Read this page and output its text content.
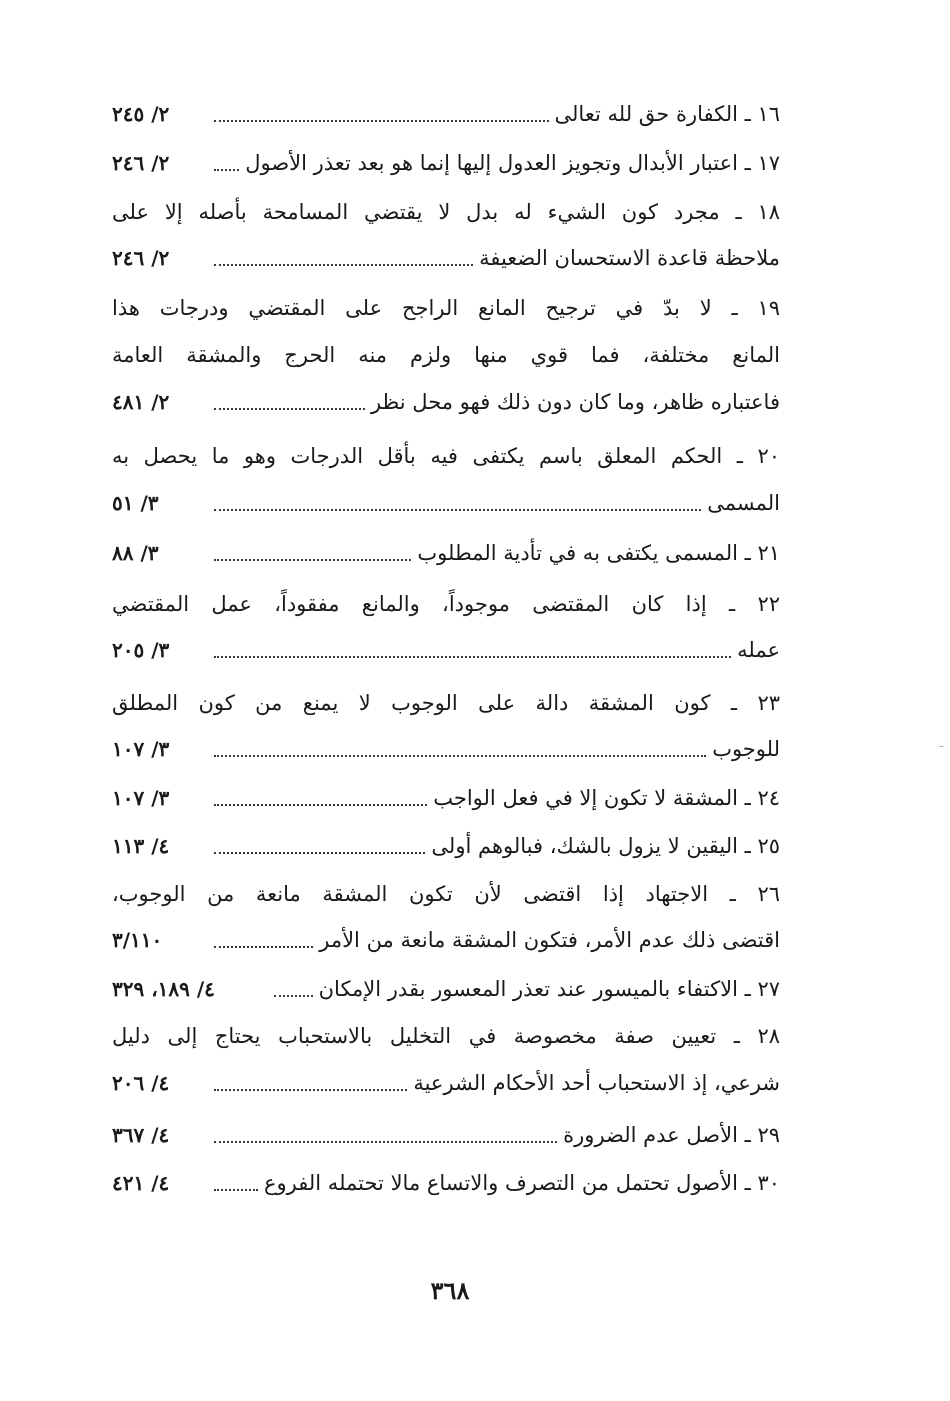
١٦ ـ الكفارة حق لله تعالى
٢/ ٢٤٥
١٧ ـ اعتبار الأبدال وتجويز العدول إليها إنما هو بعد تعذر الأصول
٢/ ٢٤٦
١٨ ـ مجرد كون الشيء له بدل لا يقتضي المسامحة بأصله إلا على
ملاحظة قاعدة الاستحسان الضعيفة
٢/ ٢٤٦
١٩ ـ لا بدّ في ترجيح المانع الراجح على المقتضي ودرجات هذا
المانع مختلفة، فما قوي منها ولزم منه الحرج والمشقة العامة
فاعتباره ظاهر، وما كان دون ذلك فهو محل نظر
٢/ ٤٨١
٢٠ ـ الحكم المعلق باسم يكتفى فيه بأقل الدرجات وهو ما يحصل به
المسمى
٣/ ٥١
٢١ ـ المسمى يكتفى به في تأدية المطلوب
٣/ ٨٨
٢٢ ـ إذا كان المقتضى موجوداً، والمانع مفقوداً، عمل المقتضي
عمله
٣/ ٢٠٥
٢٣ ـ كون المشقة دالة على الوجوب لا يمنع من كون المطلق
للوجوب
٣/ ١٠٧
٢٤ ـ المشقة لا تكون إلا في فعل الواجب
٣/ ١٠٧
٢٥ ـ اليقين لا يزول بالشك، فبالوهم أولى
٤/ ١١٣
٢٦ ـ الاجتهاد إذا اقتضى لأن تكون المشقة مانعة من الوجوب،
اقتضى ذلك عدم الأمر، فتكون المشقة مانعة من الأمر
٣/١١٠
٢٧ ـ الاكتفاء بالميسور عند تعذر المعسور بقدر الإمكان
٤/ ١٨٩، ٣٢٩
٢٨ ـ تعيين صفة مخصوصة في التخليل بالاستحباب يحتاج إلى دليل
شرعي، إذ الاستحباب أحد الأحكام الشرعية
٤/ ٢٠٦
٢٩ ـ الأصل عدم الضرورة
٤/ ٣٦٧
٣٠ ـ الأصول تحتمل من التصرف والاتساع مالا تحتمله الفروع
٤/ ٤٢١
٣٦٨
